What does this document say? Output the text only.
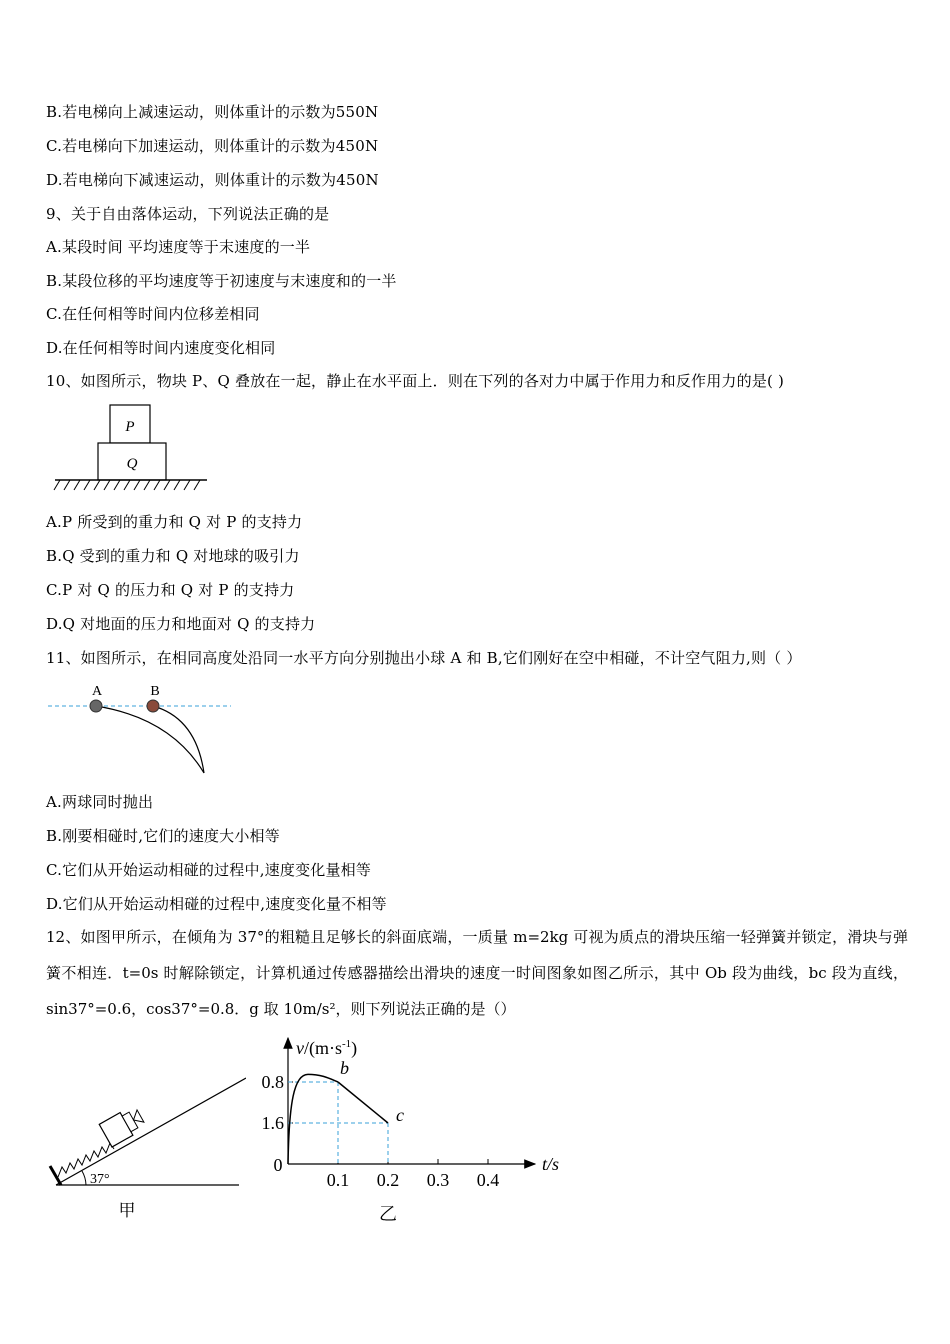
B.若电梯向上减速运动，则体重计的示数为550N
C.若电梯向下加速运动，则体重计的示数为450N
D.若电梯向下减速运动，则体重计的示数为450N
9、关于自由落体运动，下列说法正确的是
A.某段时间 平均速度等于末速度的一半
B.某段位移的平均速度等于初速度与末速度和的一半
C.在任何相等时间内位移差相同
D.在任何相等时间内速度变化相同
10、如图所示，物块 P、Q 叠放在一起，静止在水平面上．则在下列的各对力中属于作用力和反作用力的是( )
P
Q
A.P 所受到的重力和 Q 对 P 的支持力
B.Q 受到的重力和 Q 对地球的吸引力
C.P 对 Q 的压力和 Q 对 P 的支持力
D.Q 对地面的压力和地面对 Q 的支持力
11、如图所示，在相同高度处沿同一水平方向分别抛出小球 A 和 B,它们刚好在空中相碰，不计空气阻力,则（ ）
A	B
A.两球同时抛出
B.刚要相碰时,它们的速度大小相等
C.它们从开始运动相碰的过程中,速度变化量相等
D.它们从开始运动相碰的过程中,速度变化量不相等
12、如图甲所示，在倾角为 37°的粗糙且足够长的斜面底端，一质量 m=2kg 可视为质点的滑块压缩一轻弹簧并锁定，滑块与弹簧不相连．t=0s 时解除锁定，计算机通过传感器描绘出滑块的速度一时间图象如图乙所示，其中 Ob 段为曲线，bc 段为直线，sin37°=0.6，cos37°=0.8．g 取 10m/s²，则下列说法正确的是（）
37°
甲
$v/(m\cdot s^{-1})$
t/s
0
0.1 0.2 0.3 0.4
1.6
0.8
b
c
乙
